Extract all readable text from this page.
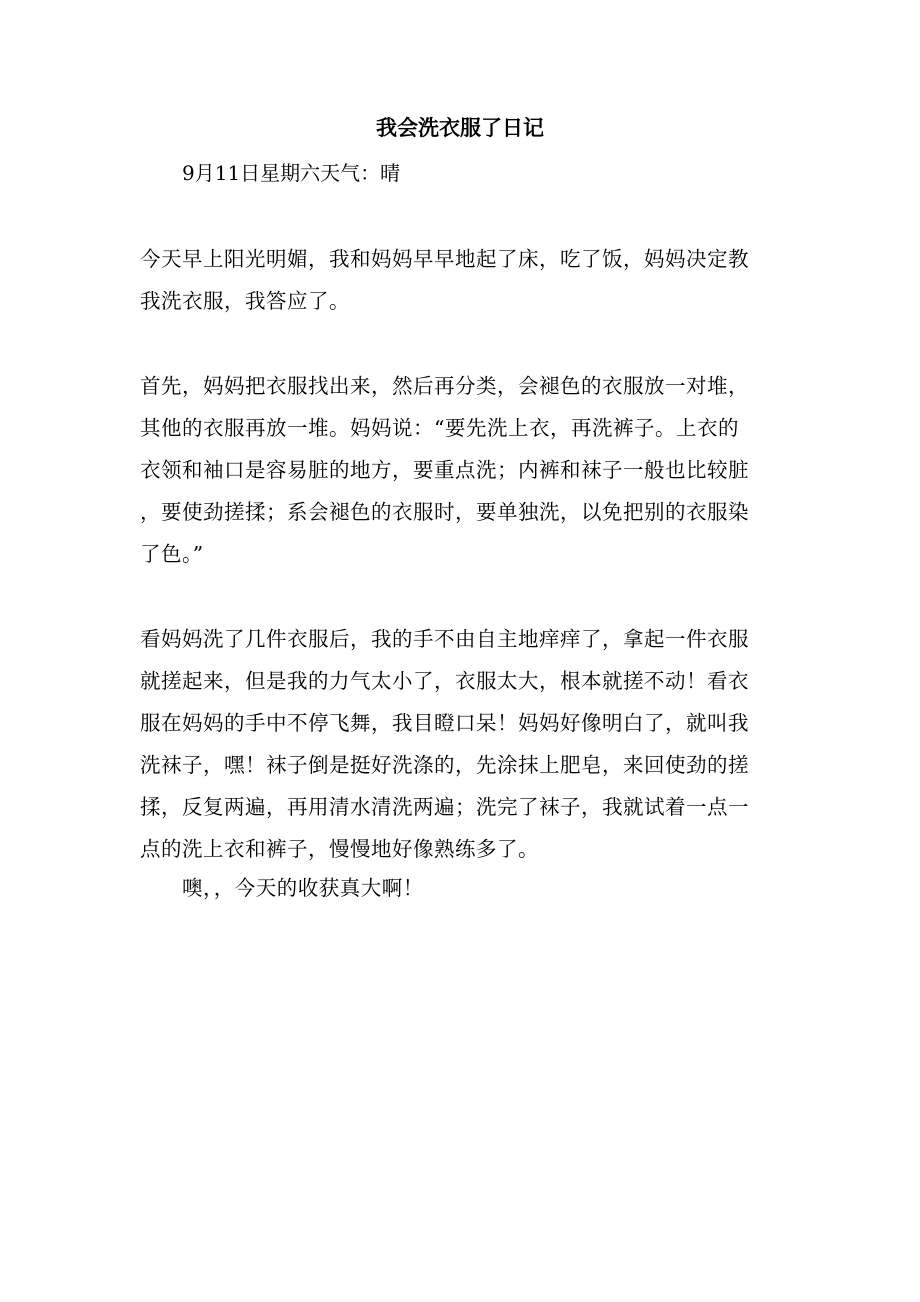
我会洗衣服了日记
9月11日星期六天气：晴
今天早上阳光明媚，我和妈妈早早地起了床，吃了饭，妈妈决定教
我洗衣服，我答应了。
首先，妈妈把衣服找出来，然后再分类，会褪色的衣服放一对堆，
其他的衣服再放一堆。妈妈说：“要先洗上衣，再洗裤子。上衣的
衣领和袖口是容易脏的地方，要重点洗；内裤和袜子一般也比较脏
，要使劲搓揉；系会褪色的衣服时，要单独洗，以免把别的衣服染
了色。”
看妈妈洗了几件衣服后，我的手不由自主地痒痒了，拿起一件衣服
就搓起来，但是我的力气太小了，衣服太大，根本就搓不动！看衣
服在妈妈的手中不停飞舞，我目瞪口呆！妈妈好像明白了，就叫我
洗袜子，嘿！袜子倒是挺好洗涤的，先涂抹上肥皂，来回使劲的搓
揉，反复两遍，再用清水清洗两遍；洗完了袜子，我就试着一点一
点的洗上衣和裤子，慢慢地好像熟练多了。
噢，，今天的收获真大啊！
